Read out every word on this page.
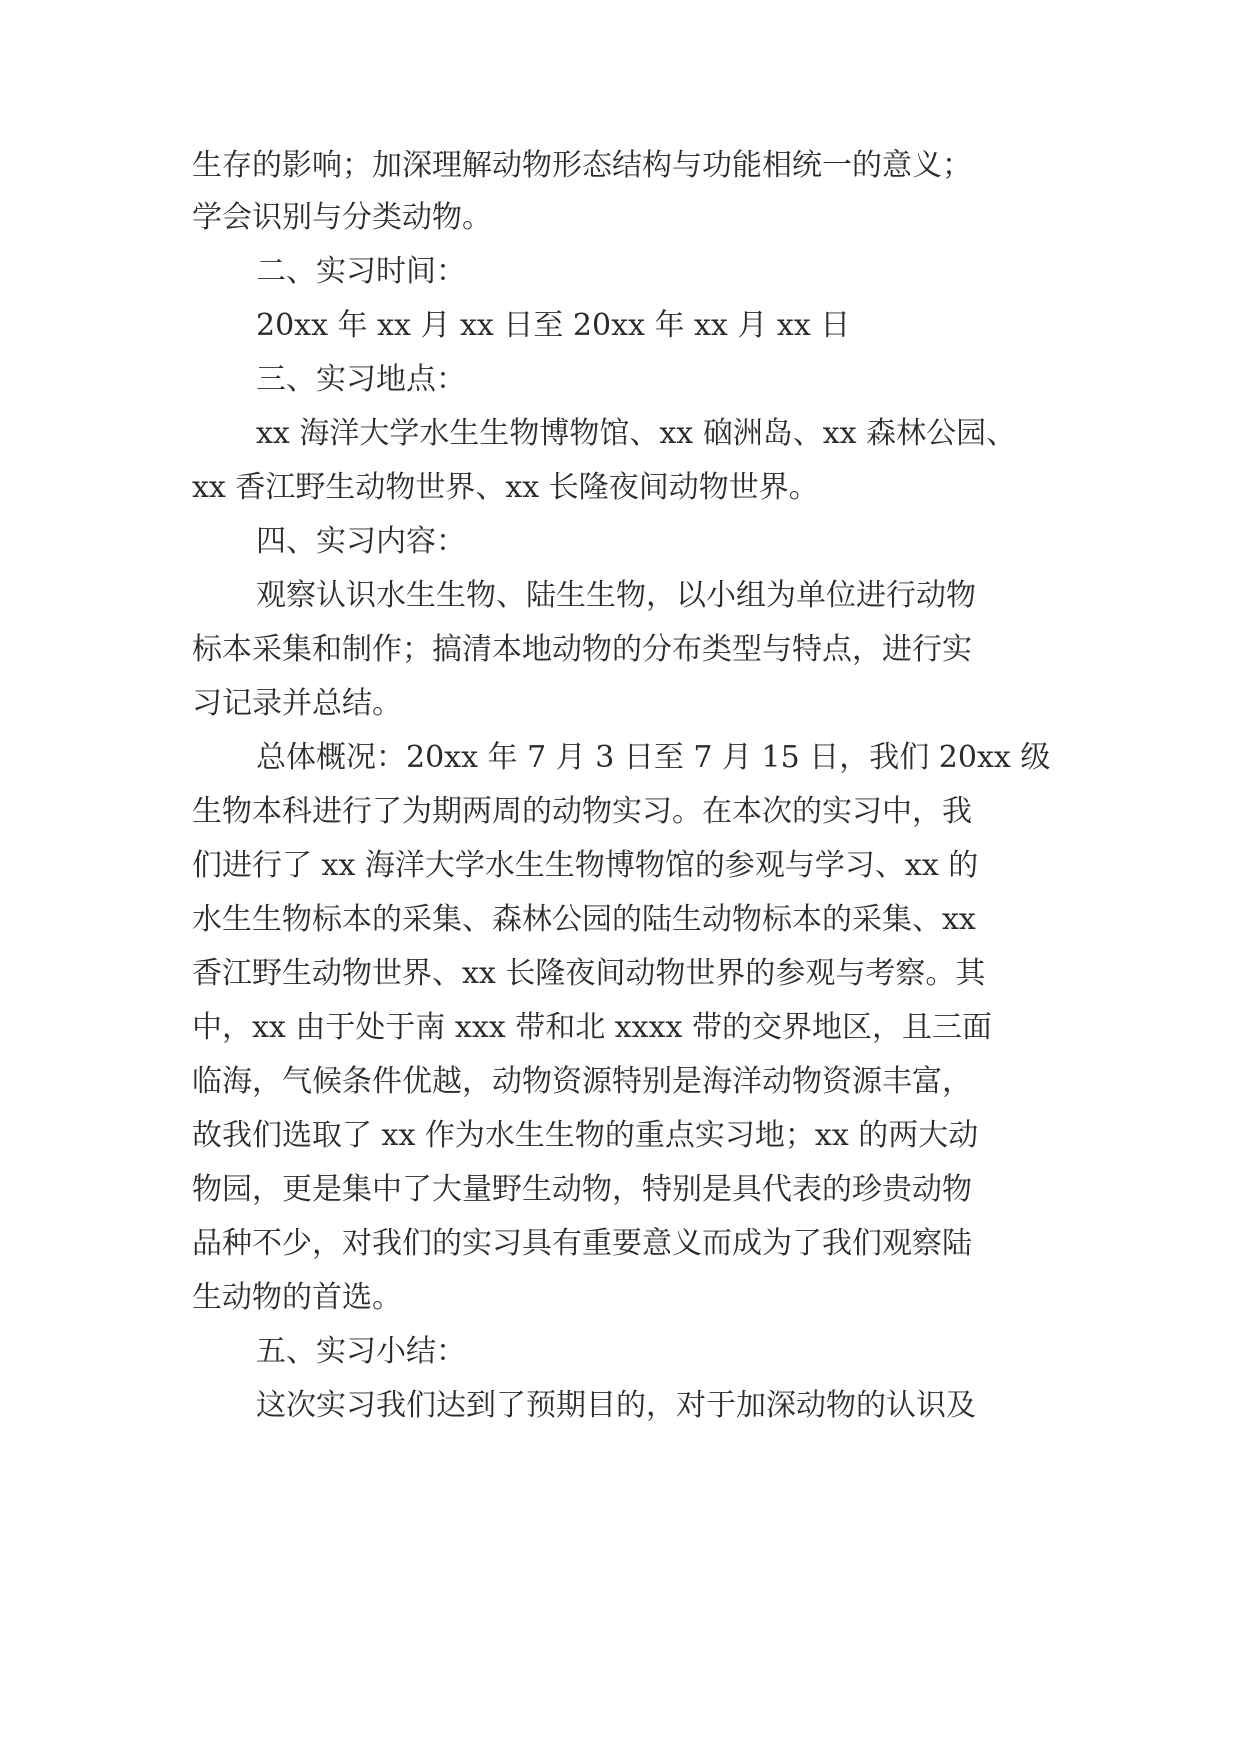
生存的影响；加深理解动物形态结构与功能相统一的意义；
学会识别与分类动物。
二、实习时间：
20xx 年 xx 月 xx 日至 20xx 年 xx 月 xx 日
三、实习地点：
xx 海洋大学水生生物博物馆、xx 硇洲岛、xx 森林公园、
xx 香江野生动物世界、xx 长隆夜间动物世界。
四、实习内容：
观察认识水生生物、陆生生物，以小组为单位进行动物
标本采集和制作；搞清本地动物的分布类型与特点，进行实
习记录并总结。
总体概况：20xx 年 7 月 3 日至 7 月 15 日，我们 20xx 级
生物本科进行了为期两周的动物实习。在本次的实习中，我
们进行了 xx 海洋大学水生生物博物馆的参观与学习、xx 的
水生生物标本的采集、森林公园的陆生动物标本的采集、xx
香江野生动物世界、xx 长隆夜间动物世界的参观与考察。其
中，xx 由于处于南 xxx 带和北 xxxx 带的交界地区，且三面
临海，气候条件优越，动物资源特别是海洋动物资源丰富，
故我们选取了 xx 作为水生生物的重点实习地；xx 的两大动
物园，更是集中了大量野生动物，特别是具代表的珍贵动物
品种不少，对我们的实习具有重要意义而成为了我们观察陆
生动物的首选。
五、实习小结：
这次实习我们达到了预期目的，对于加深动物的认识及
